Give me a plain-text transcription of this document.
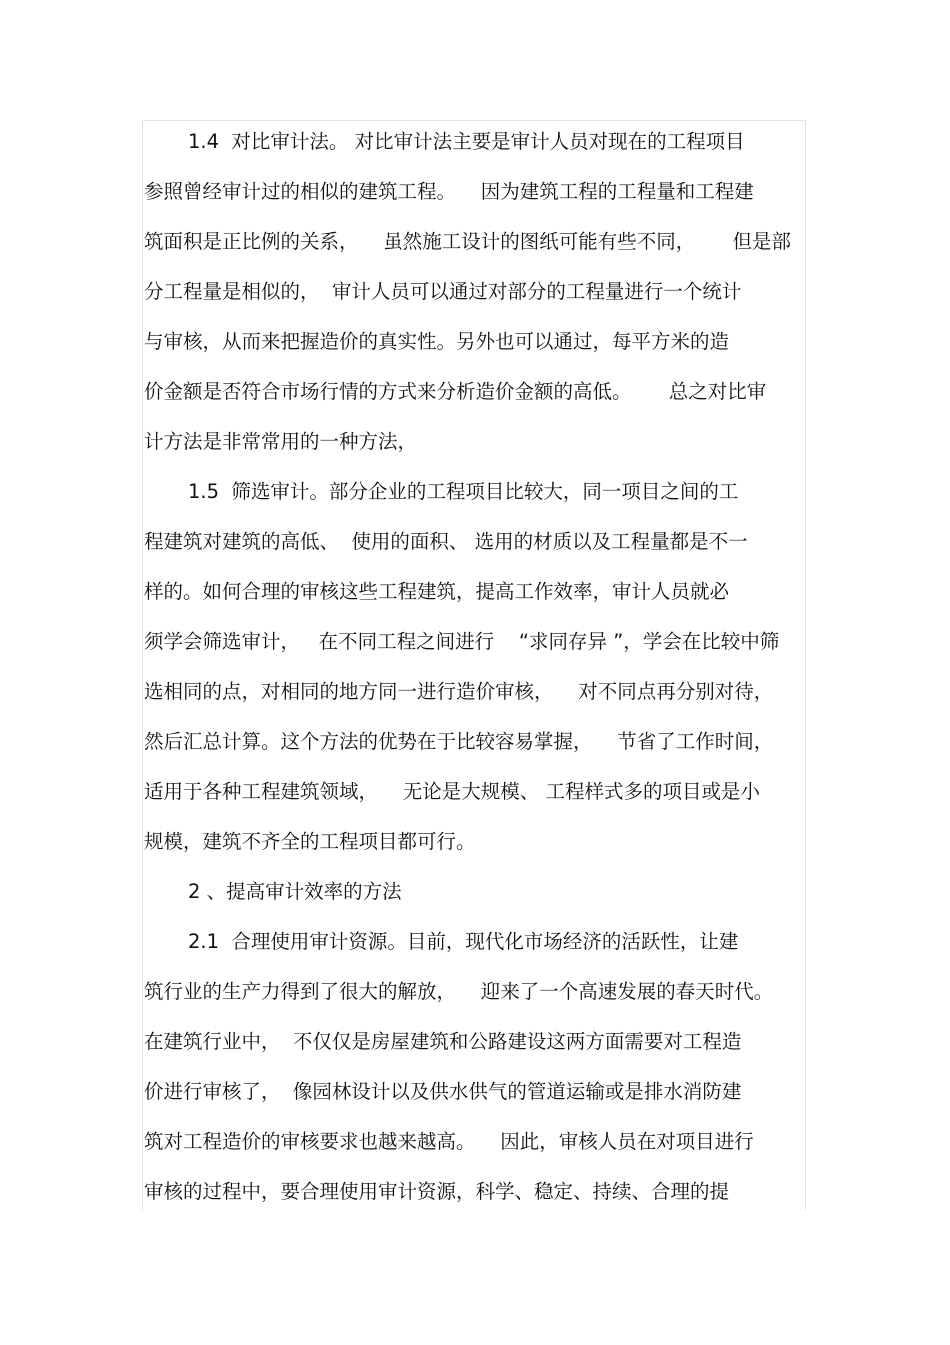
1.4  对比审计法。 对比审计法主要是审计人员对现在的工程项目
参照曾经审计过的相似的建筑工程。    因为建筑工程的工程量和工程建
筑面积是正比例的关系，    虽然施工设计的图纸可能有些不同，      但是部
分工程量是相似的，  审计人员可以通过对部分的工程量进行一个统计
与审核，从而来把握造价的真实性。另外也可以通过，每平方米的造
价金额是否符合市场行情的方式来分析造价金额的高低。      总之对比审
计方法是非常常用的一种方法，
1.5  筛选审计。部分企业的工程项目比较大，同一项目之间的工
程建筑对建筑的高低、  使用的面积、 选用的材质以及工程量都是不一
样的。如何合理的审核这些工程建筑，提高工作效率，审计人员就必
须学会筛选审计，   在不同工程之间进行    “求同存异 ”，学会在比较中筛
选相同的点，对相同的地方同一进行造价审核，    对不同点再分别对待，
然后汇总计算。这个方法的优势在于比较容易掌握，    节省了工作时间，
适用于各种工程建筑领域，    无论是大规模、 工程样式多的项目或是小
规模，建筑不齐全的工程项目都可行。
2 、提高审计效率的方法
2.1  合理使用审计资源。目前，现代化市场经济的活跃性，让建
筑行业的生产力得到了很大的解放，    迎来了一个高速发展的春天时代。
在建筑行业中，  不仅仅是房屋建筑和公路建设这两方面需要对工程造
价进行审核了，  像园林设计以及供水供气的管道运输或是排水消防建
筑对工程造价的审核要求也越来越高。    因此，审核人员在对项目进行
审核的过程中，要合理使用审计资源，科学、稳定、持续、合理的提
